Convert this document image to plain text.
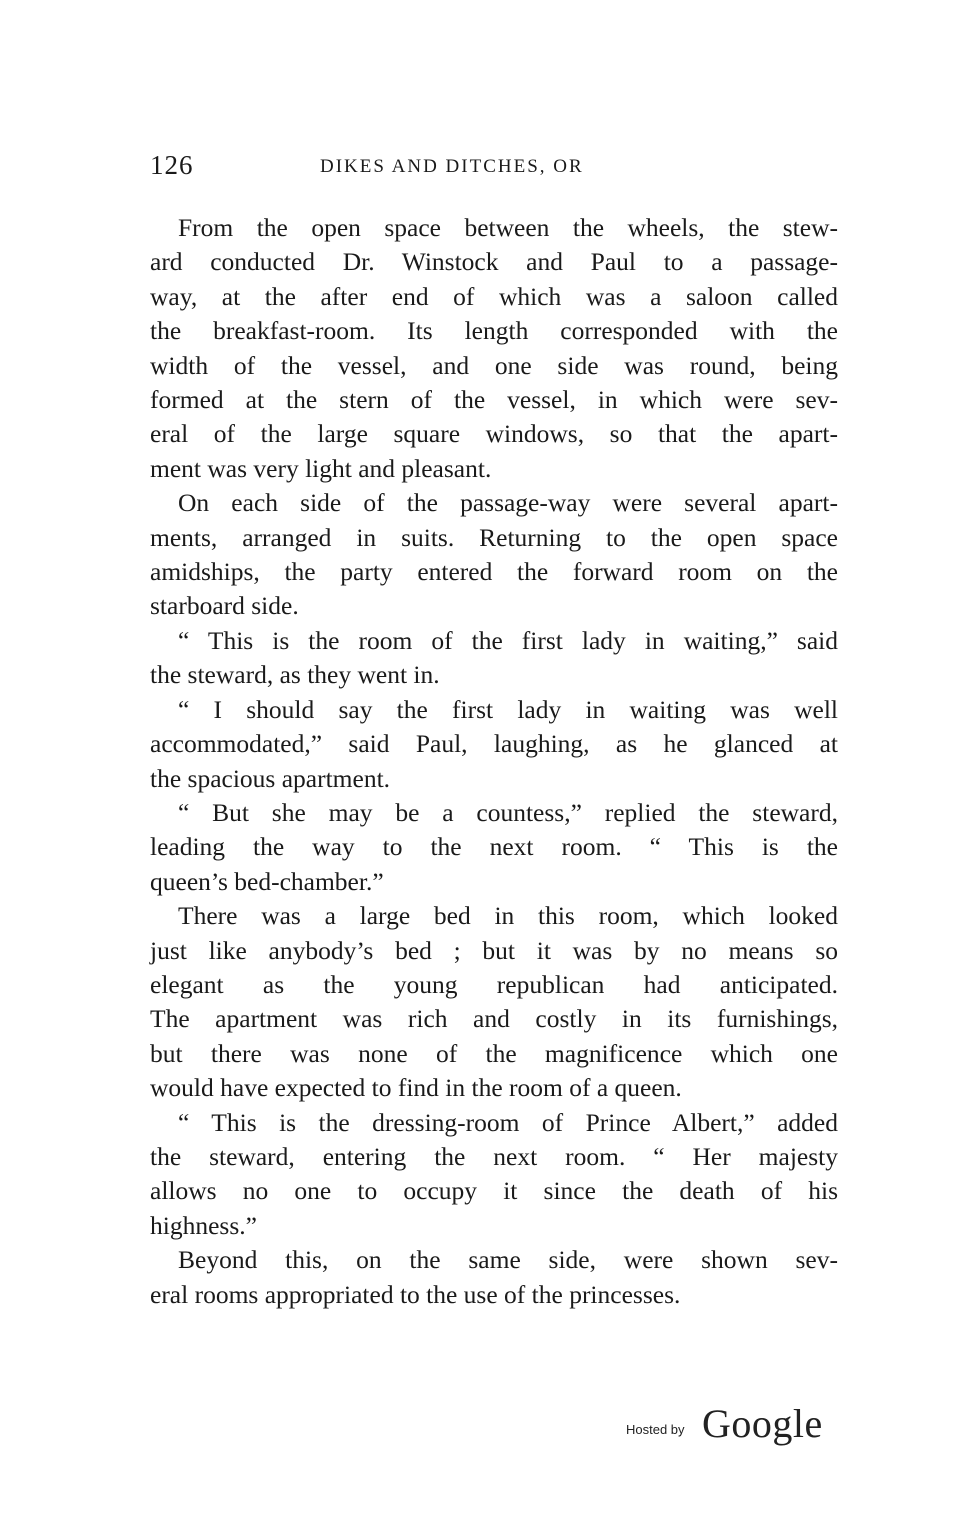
126	DIKES AND DITCHES, OR

From the open space between the wheels, the stew-
ard conducted Dr. Winstock and Paul to a passage-
way, at the after end of which was a saloon called
the breakfast-room. Its length corresponded with the
width of the vessel, and one side was round, being
formed at the stern of the vessel, in which were sev-
eral of the large square windows, so that the apart-
ment was very light and pleasant.

On each side of the passage-way were several apart-
ments, arranged in suits. Returning to the open space
amidships, the party entered the forward room on the
starboard side.

“ This is the room of the first lady in waiting,” said
the steward, as they went in.

“ I should say the first lady in waiting was well
accommodated,” said Paul, laughing, as he glanced at
the spacious apartment.

“ But she may be a countess,” replied the steward,
leading the way to the next room. “ This is the
queen’s bed-chamber.”

There was a large bed in this room, which looked
just like anybody’s bed ; but it was by no means so
elegant as the young republican had anticipated.
The apartment was rich and costly in its furnishings,
but there was none of the magnificence which one
would have expected to find in the room of a queen.

“ This is the dressing-room of Prince Albert,” added
the steward, entering the next room. “ Her majesty
allows no one to occupy it since the death of his
highness.”

Beyond this, on the same side, were shown sev-
eral rooms appropriated to the use of the princesses.

Hosted by Google
